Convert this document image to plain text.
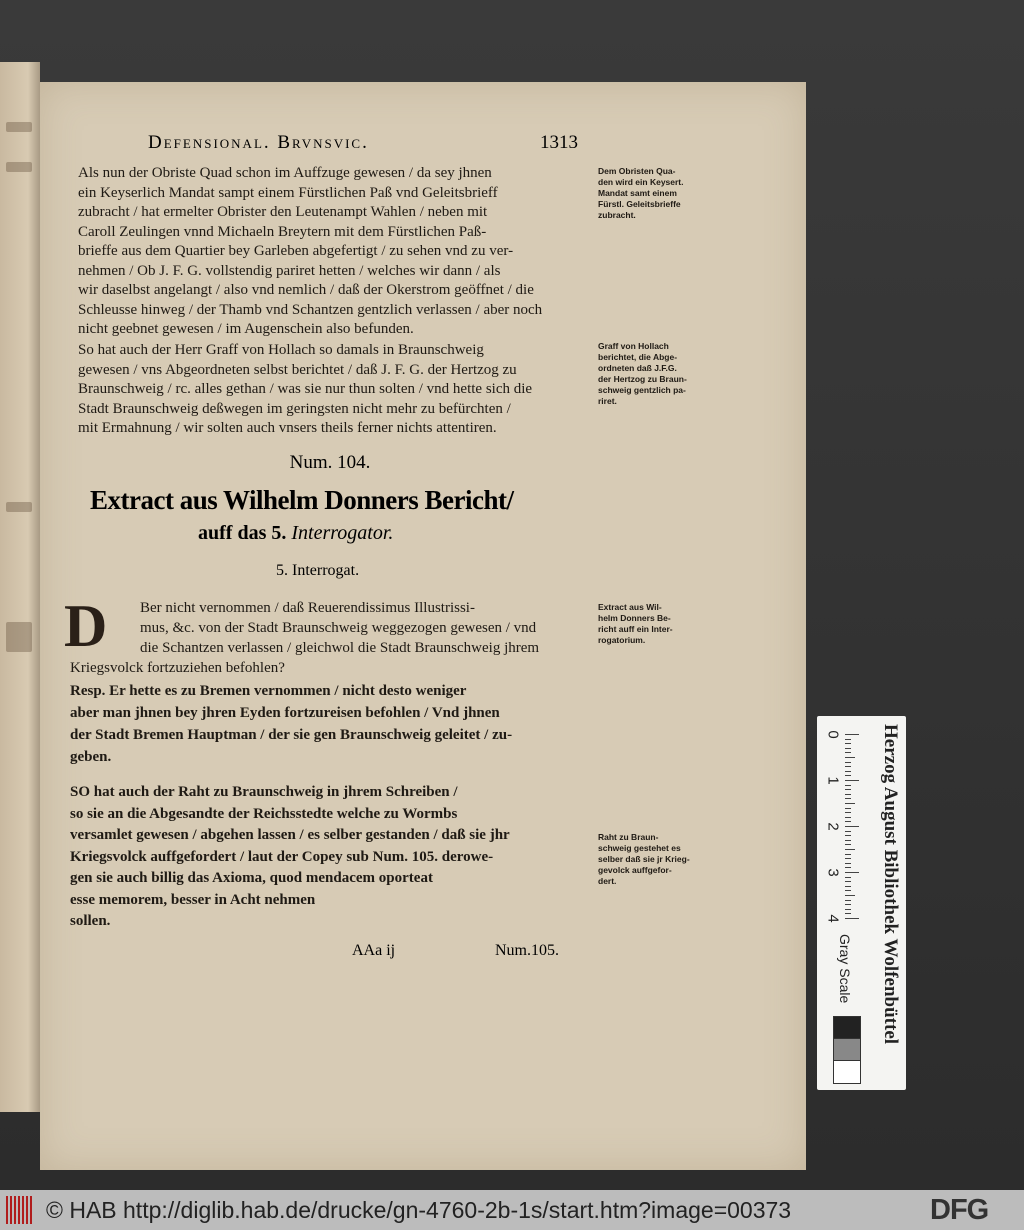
Defensional. Brvnsvic.	1313
Als nun der Obriste Quad schon im Auffzuge gewesen / da sey jhnen
ein Keyserlich Mandat sampt einem Fürstlichen Paß vnd Geleitsbrieff
zubracht / hat ermelter Obrister den Leutenampt Wahlen / neben mit
Caroll Zeulingen vnnd Michaeln Breytern mit dem Fürstlichen Paß-
brieffe aus dem Quartier bey Garleben abgefertigt / zu sehen vnd zu ver-
nehmen / Ob J. F. G. vollstendig pariret hetten / welches wir dann / als
wir daselbst angelangt / also vnd nemlich / daß der Okerstrom geöffnet / die
Schleusse hinweg / der Thamb vnd Schantzen gentzlich verlassen / aber noch
nicht geebnet gewesen / im Augenschein also befunden.
Dem Obristen Qua-
den wird ein Keysert.
Mandat samt einem
Fürstl. Geleitsbrieffe
zubracht.
So hat auch der Herr Graff von Hollach so damals in Braunschweig
gewesen / vns Abgeordneten selbst berichtet / daß J. F. G. der Hertzog zu
Braunschweig / rc. alles gethan / was sie nur thun solten / vnd hette sich die
Stadt Braunschweig deßwegen im geringsten nicht mehr zu befürchten /
mit Ermahnung / wir solten auch vnsers theils ferner nichts attentiren.
Graff von Hollach
berichtet, die Abge-
ordneten daß J.F.G.
der Hertzog zu Braun-
schweig gentzlich pa-
riret.
Num. 104.
Extract aus Wilhelm Donners Bericht/
auff das 5. Interrogator.
5. Interrogat.
D Ber nicht vernommen / daß Reuerendissimus Illustrissi-
mus, &c. von der Stadt Braunschweig weggezogen gewesen / vnd
die Schantzen verlassen / gleichwol die Stadt Braunschweig jhrem
Kriegsvolck fortzuziehen befohlen?
Resp. Er hette es zu Bremen vernommen / nicht desto weniger
aber man jhnen bey jhren Eyden fortzureisen befohlen / Vnd jhnen
der Stadt Bremen Hauptman / der sie gen Braunschweig geleitet / zu-
geben.
Extract aus Wil-
helm Donners Be-
richt auff ein Inter-
rogatorium.
SO hat auch der Raht zu Braunschweig in jhrem Schreiben /
so sie an die Abgesandte der Reichsstedte welche zu Wormbs
versamlet gewesen / abgehen lassen / es selber gestanden / daß sie jhr
Kriegsvolck auffgefordert / laut der Copey sub Num. 105. derowe-
gen sie auch billig das Axioma, quod mendacem oporteat
esse memorem, besser in Acht nehmen
sollen.
Raht zu Braun-
schweig gestehet es
selber daß sie jr Krieg-
gevolck auffgefor-
dert.
AAa ij	Num.105.
0
1
2
3
4	Herzog August Bibliothek Wolfenbüttel
Gray Scale
© HAB http://diglib.hab.de/drucke/gn-4760-2b-1s/start.htm?image=00373	DFG
